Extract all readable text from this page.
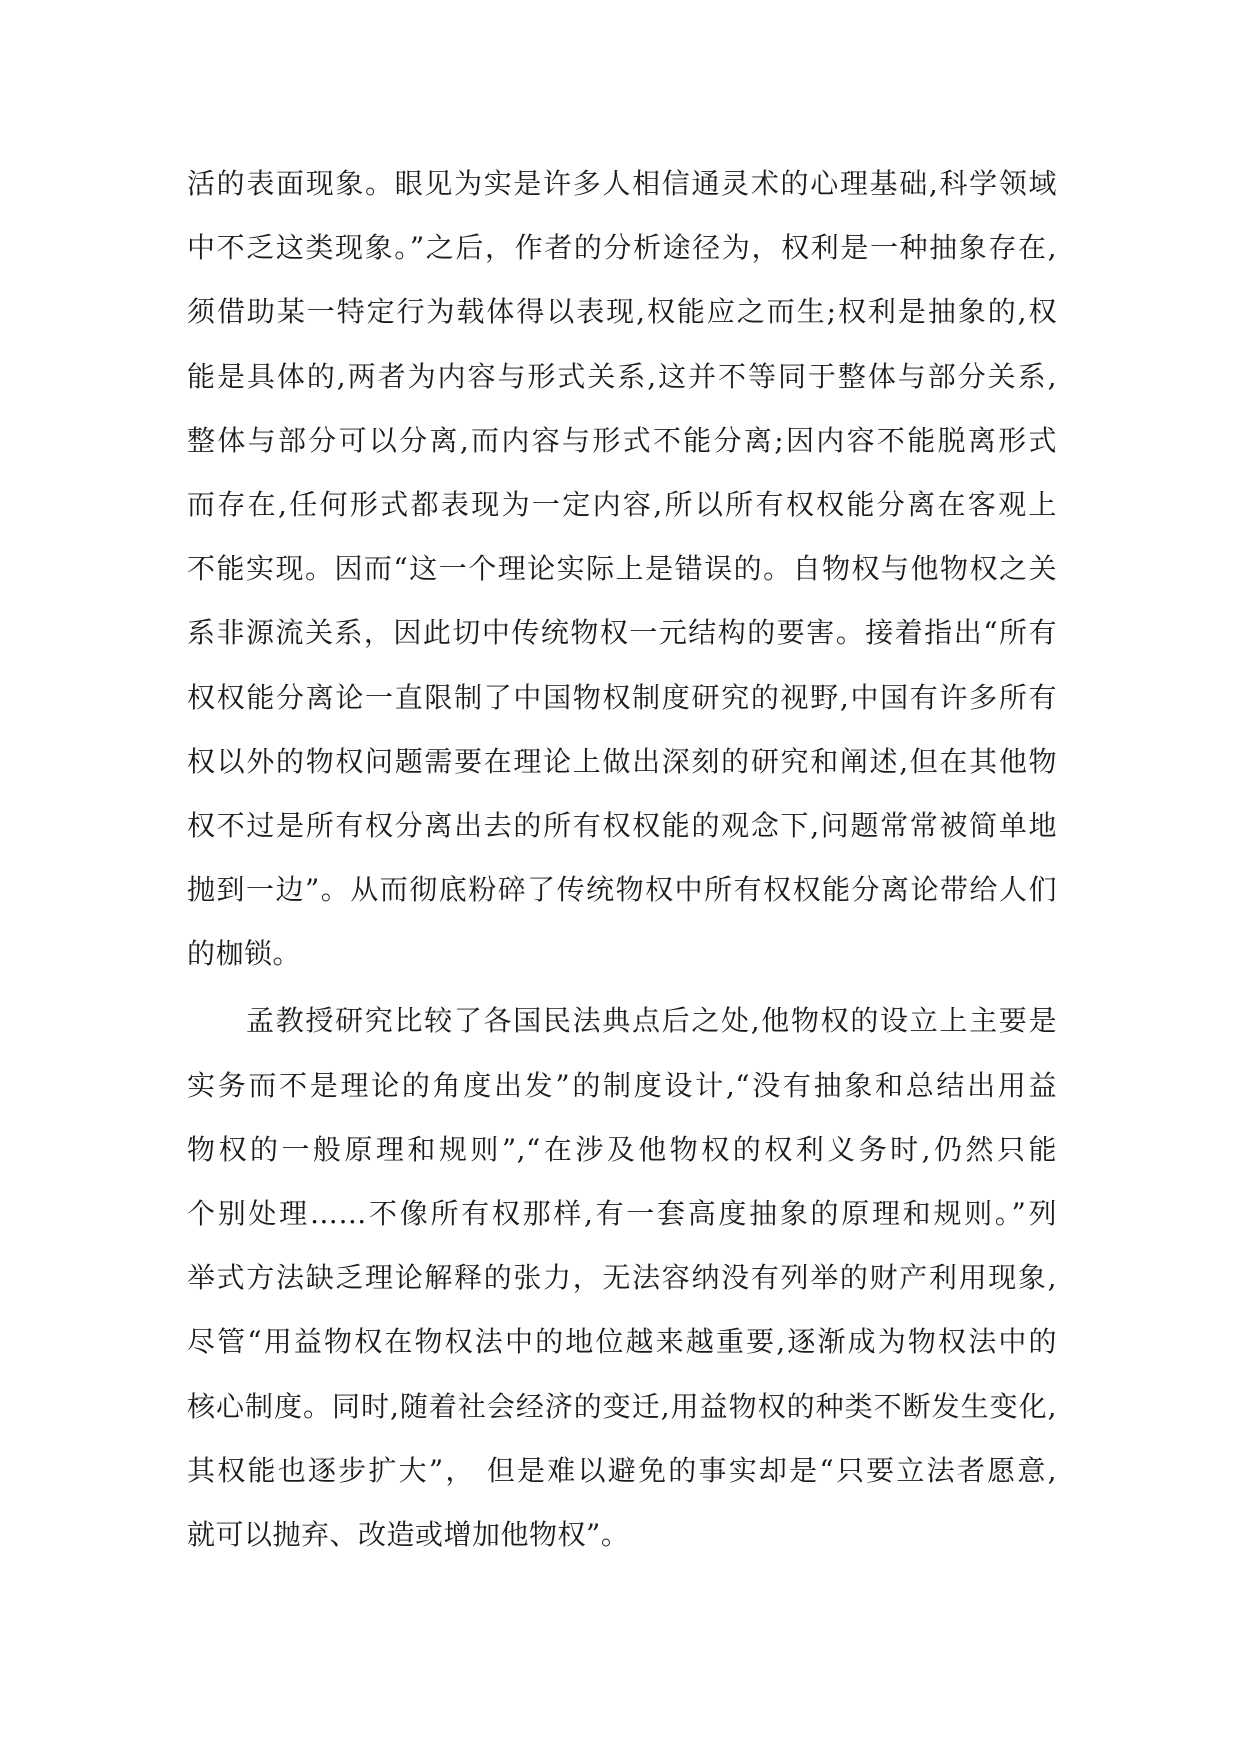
活的表面现象。眼见为实是许多人相信通灵术的心理基础,科学领域
中不乏这类现象。”之后，作者的分析途径为，权利是一种抽象存在,
须借助某一特定行为载体得以表现,权能应之而生;权利是抽象的,权
能是具体的,两者为内容与形式关系,这并不等同于整体与部分关系,
整体与部分可以分离,而内容与形式不能分离;因内容不能脱离形式
而存在,任何形式都表现为一定内容,所以所有权权能分离在客观上
不能实现。因而“这一个理论实际上是错误的。自物权与他物权之关
系非源流关系，因此切中传统物权一元结构的要害。接着指出“所有
权权能分离论一直限制了中国物权制度研究的视野,中国有许多所有
权以外的物权问题需要在理论上做出深刻的研究和阐述,但在其他物
权不过是所有权分离出去的所有权权能的观念下,问题常常被简单地
抛到一边”。从而彻底粉碎了传统物权中所有权权能分离论带给人们
的枷锁。
孟教授研究比较了各国民法典点后之处,他物权的设立上主要是
实务而不是理论的角度出发”的制度设计,“没有抽象和总结出用益
物权的一般原理和规则”,“在涉及他物权的权利义务时,仍然只能
个别处理……不像所有权那样,有一套高度抽象的原理和规则。”列
举式方法缺乏理论解释的张力，无法容纳没有列举的财产利用现象,
尽管“用益物权在物权法中的地位越来越重要,逐渐成为物权法中的
核心制度。同时,随着社会经济的变迁,用益物权的种类不断发生变化,
其权能也逐步扩大”， 但是难以避免的事实却是“只要立法者愿意,
就可以抛弃、改造或增加他物权”。
